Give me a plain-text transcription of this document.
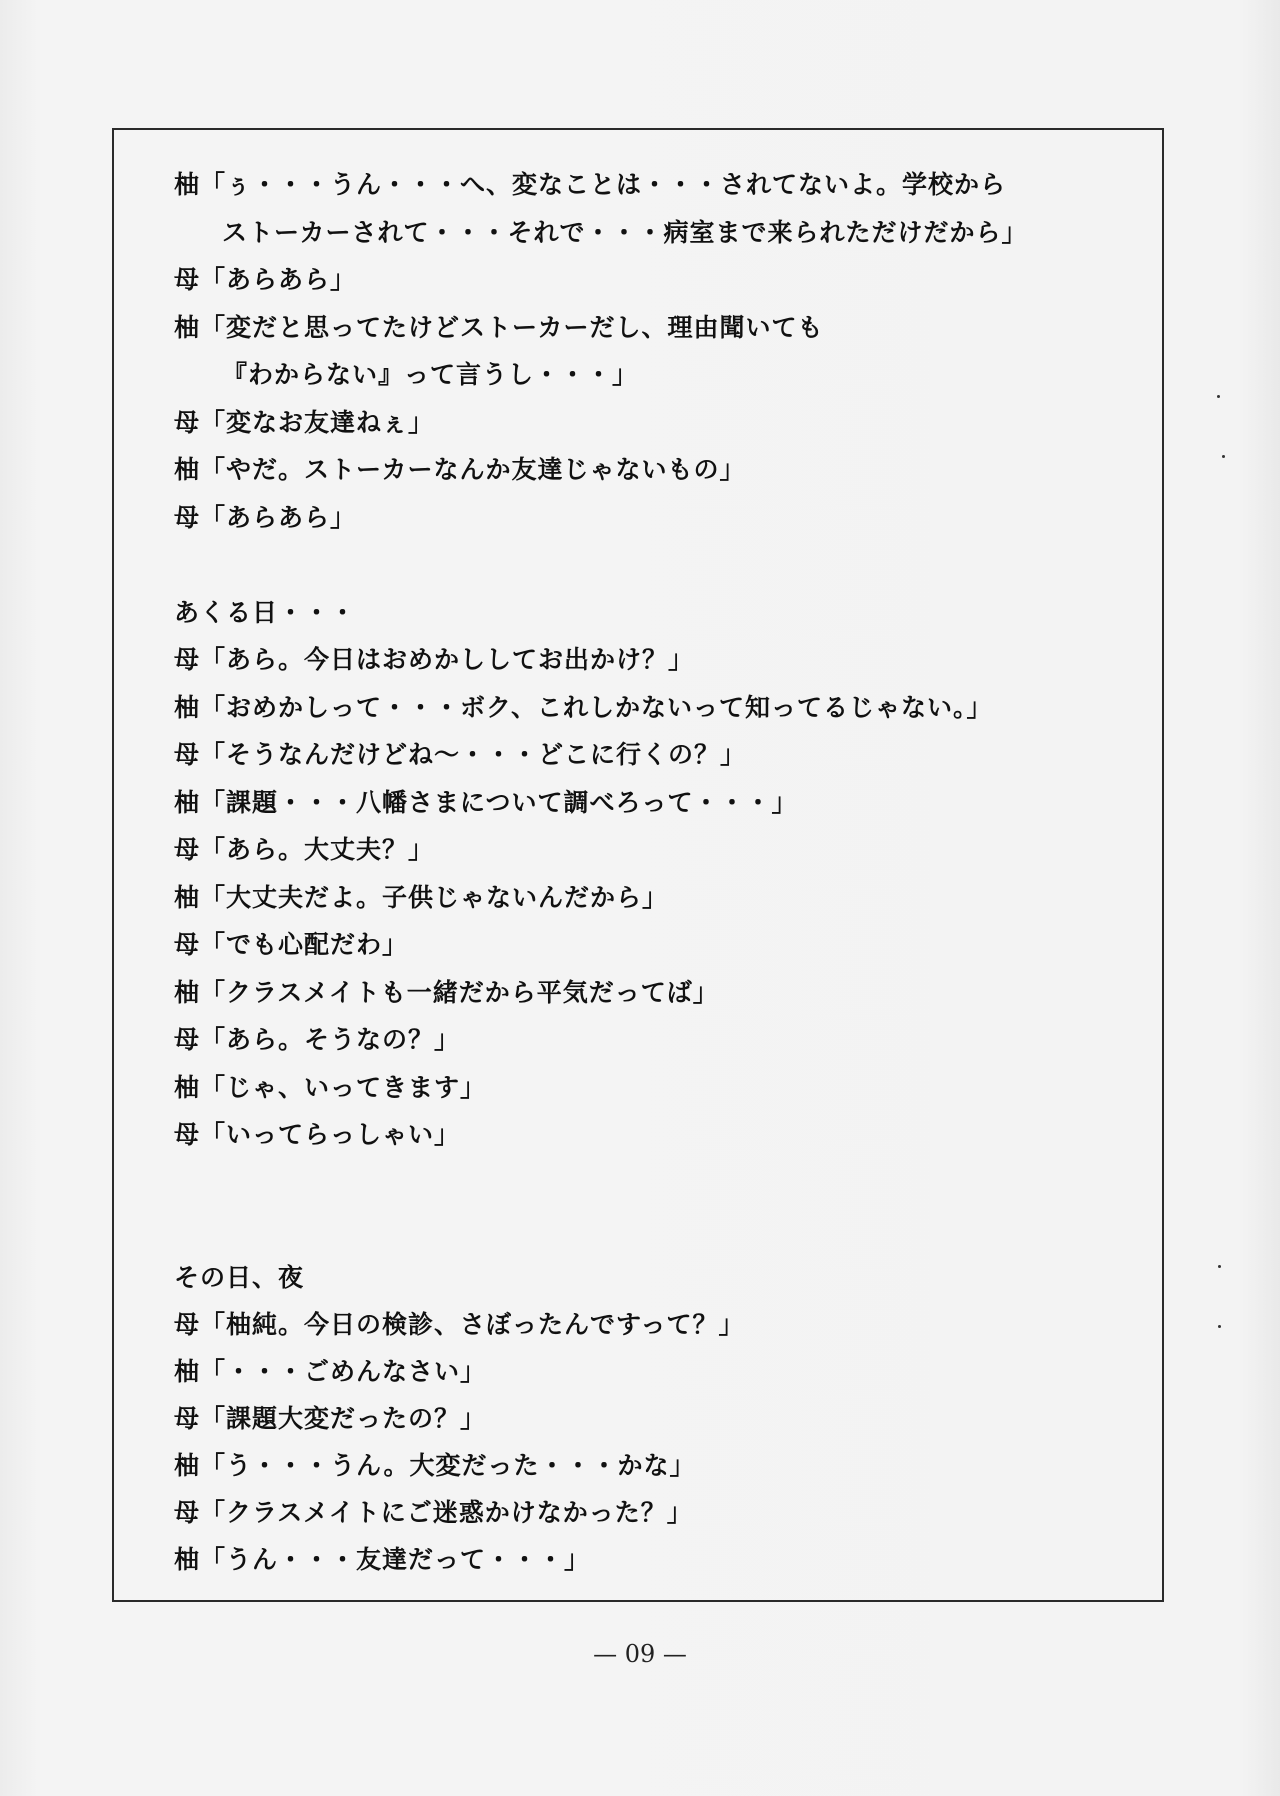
柚「ぅ・・・うん・・・へ、変なことは・・・されてないよ。学校から
ストーカーされて・・・それで・・・病室まで来られただけだから」
母「あらあら」
柚「変だと思ってたけどストーカーだし、理由聞いても
『わからない』って言うし・・・」
母「変なお友達ねぇ」
柚「やだ。ストーカーなんか友達じゃないもの」
母「あらあら」
あくる日・・・
母「あら。今日はおめかししてお出かけ？」
柚「おめかしって・・・ボク、これしかないって知ってるじゃない。」
母「そうなんだけどね～・・・どこに行くの？」
柚「課題・・・八幡さまについて調べろって・・・」
母「あら。大丈夫？」
柚「大丈夫だよ。子供じゃないんだから」
母「でも心配だわ」
柚「クラスメイトも一緒だから平気だってば」
母「あら。そうなの？」
柚「じゃ、いってきます」
母「いってらっしゃい」
その日、夜
母「柚純。今日の検診、さぼったんですって？」
柚「・・・ごめんなさい」
母「課題大変だったの？」
柚「う・・・うん。大変だった・・・かな」
母「クラスメイトにご迷惑かけなかった？」
柚「うん・・・友達だって・・・」
— 09 —
